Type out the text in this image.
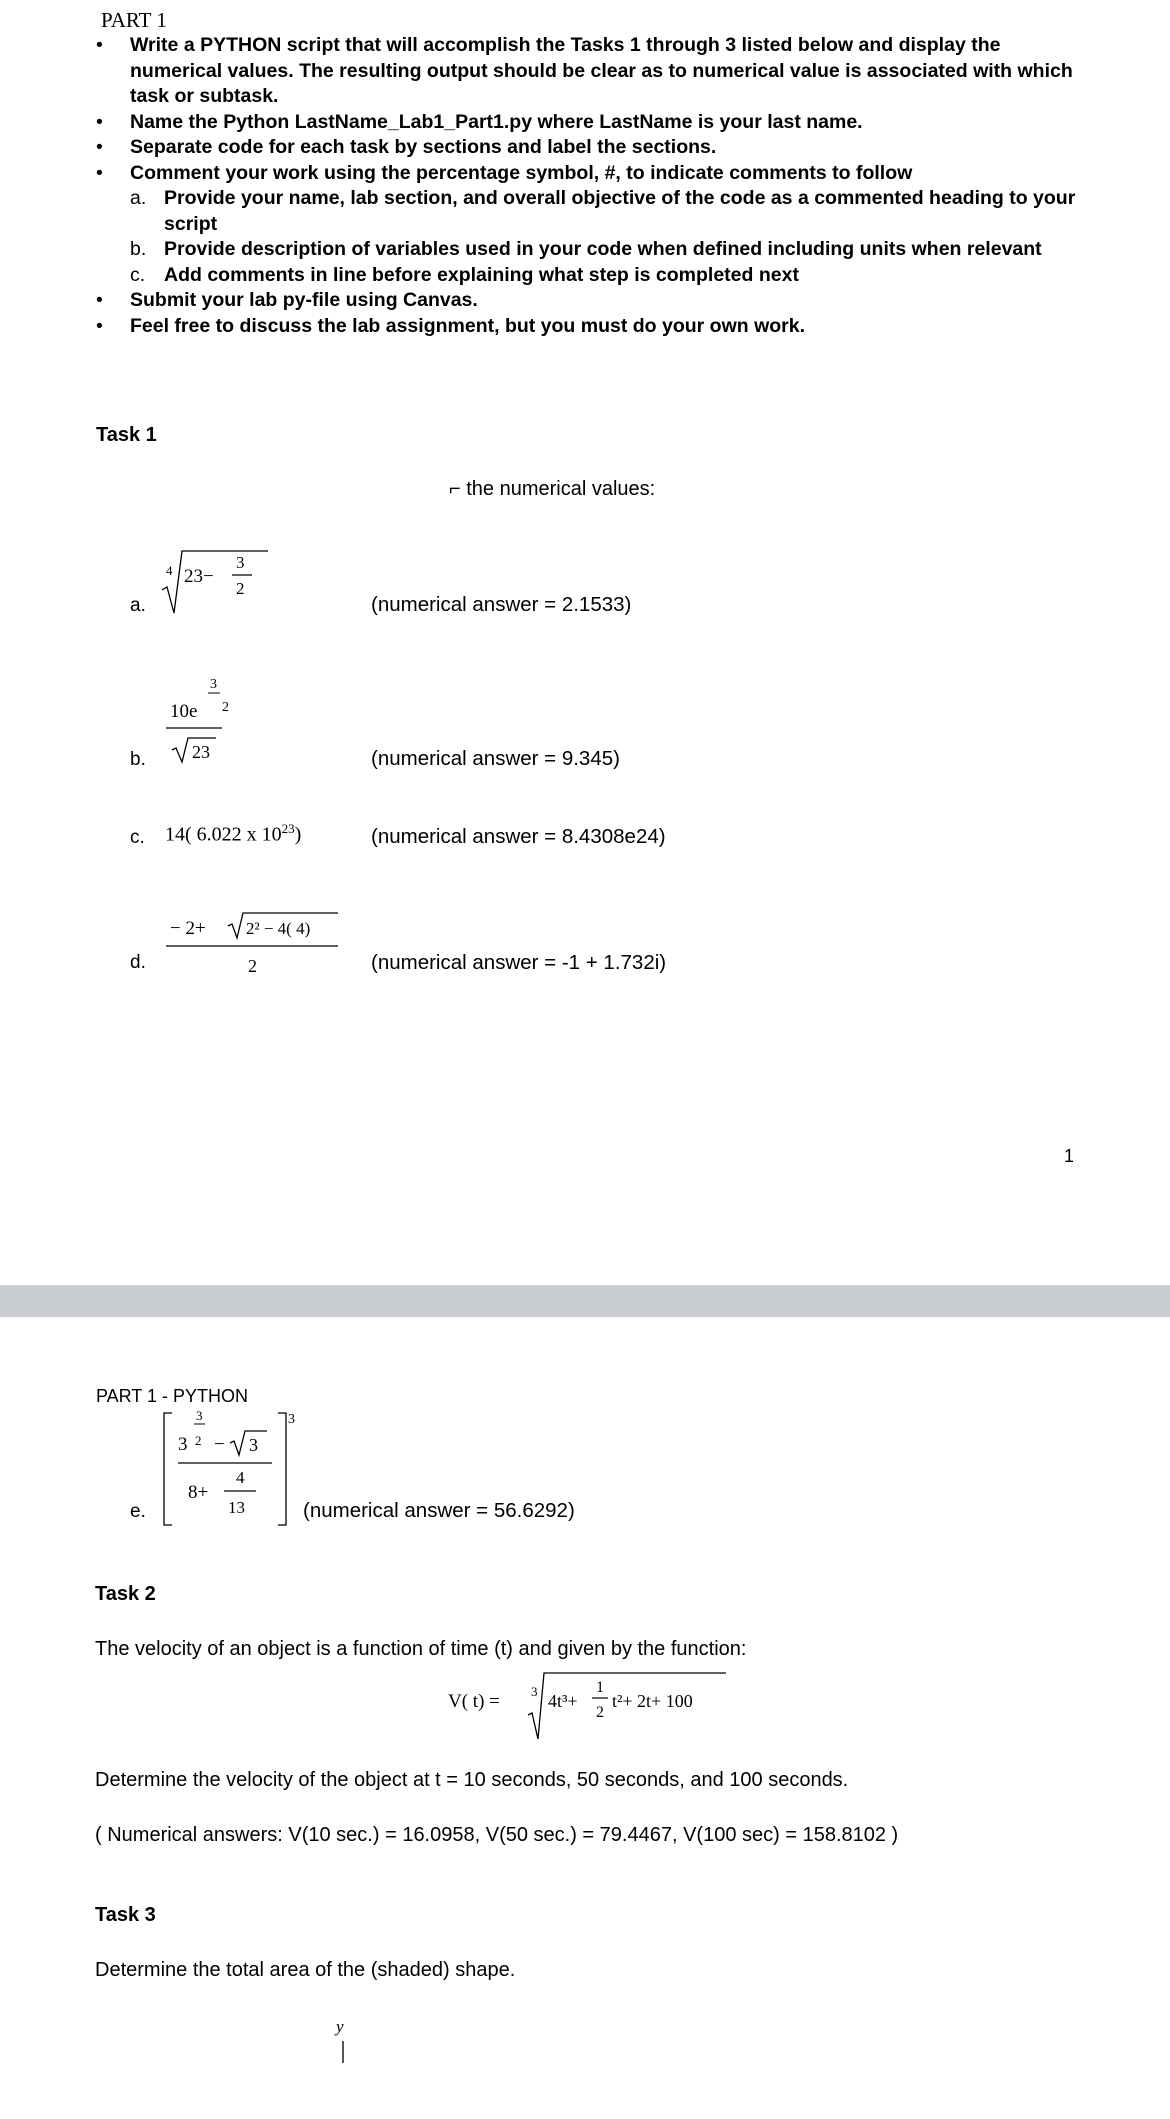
PART 1
• Write a PYTHON script that will accomplish the Tasks 1 through 3 listed below and display the numerical values. The resulting output should be clear as to numerical value is associated with which task or subtask.
• Name the Python LastName_Lab1_Part1.py where LastName is your last name.
• Separate code for each task by sections and label the sections.
• Comment your work using the percentage symbol, #, to indicate comments to follow
a. Provide your name, lab section, and overall objective of the code as a commented heading to your script
b. Provide description of variables used in your code when defined including units when relevant
c. Add comments in line before explaining what step is completed next
• Submit your lab py-file using Canvas.
• Feel free to discuss the lab assignment, but you must do your own work.
Task 1
⌐ the numerical values:
a.
4 23−
3
2
(numerical answer = 2.1533)
b.
3
2
10e
23	(numerical answer = 9.345)
c. 14( 6.022 x $10^{23}$)	(numerical answer = 8.4308e24)
d.
− 2+ 2² − 4( 4)
2	(numerical answer = -1 + 1.732i)
1
PART 1 - PYTHON
e.
3
3
2
3 − 3
4
13
8+
(numerical answer = 56.6292)
Task 2
The velocity of an object is a function of time (t) and given by the function:
V( t) = 3 4t³+
1
2
t²+ 2t+ 100
Determine the velocity of the object at t = 10 seconds, 50 seconds, and 100 seconds.
( Numerical answers: V(10 sec.) = 16.0958, V(50 sec.) = 79.4467, V(100 sec) = 158.8102 )
Task 3
Determine the total area of the (shaded) shape.
y
